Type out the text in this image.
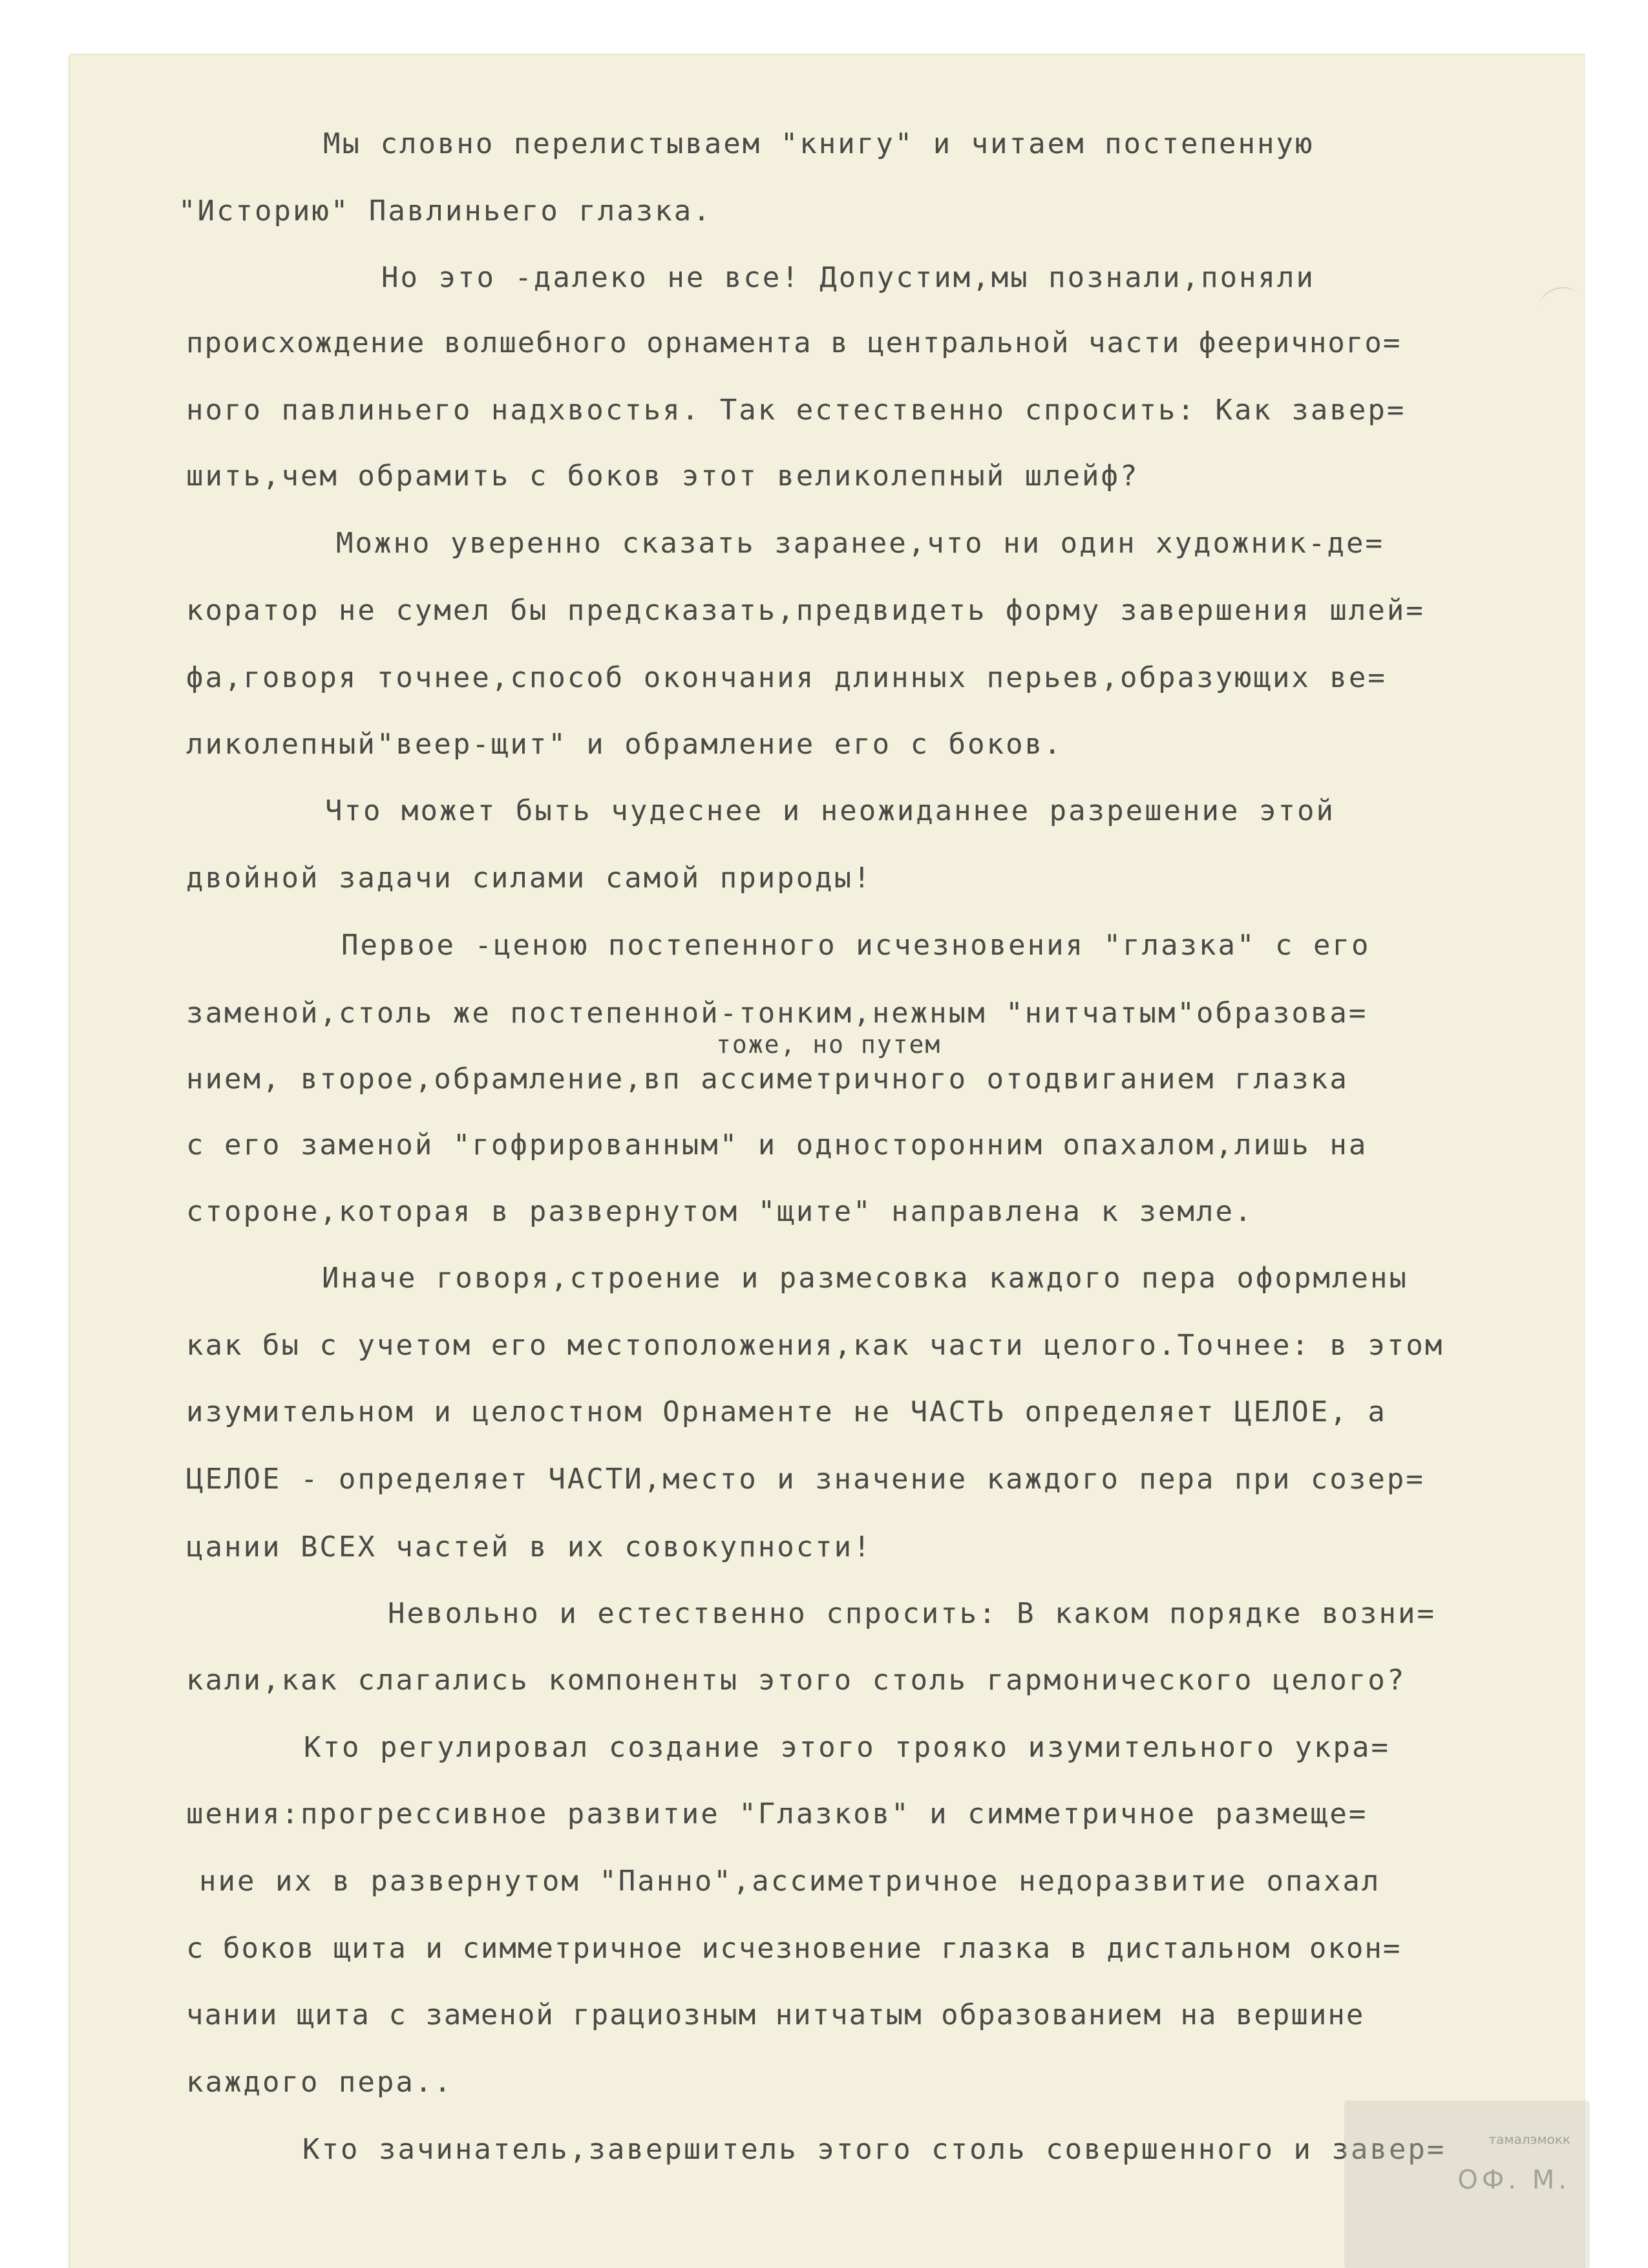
Мы словно перелистываем "книгу" и читаем постепенную
"Историю" Павлиньего глазка.
Но это -далеко не все! Допустим,мы познали,поняли
происхождение волшебного орнамента в центральной части фееричного=
ного павлиньего надхвостья. Так естественно спросить: Как завер=
шить,чем обрамить с боков этот великолепный шлейф?
Можно уверенно сказать заранее,что ни один художник-де=
коратор не сумел бы предсказать,предвидеть форму завершения шлей=
фа,говоря точнее,способ окончания длинных перьев,образующих ве=
ликолепный"веер-щит" и обрамление его с боков.
Что может быть чудеснее и неожиданнее разрешение этой
двойной задачи силами самой природы!
Первое -ценою постепенного исчезновения "глазка" с его
заменой,столь же постепенной-тонким,нежным "нитчатым"образова=
тоже, но путем
нием, второе,обрамление,вп ассиметричного отодвиганием глазка
с его заменой "гофрированным" и односторонним опахалом,лишь на
стороне,которая в развернутом "щите" направлена к земле.
Иначе говоря,строение и размесовка каждого пера оформлены
как бы с учетом его местоположения,как части целого.Точнее: в этом
изумительном и целостном Орнаменте не ЧАСТЬ определяет ЦЕЛОЕ, а
ЦЕЛОЕ - определяет ЧАСТИ,место и значение каждого пера при созер=
цании ВСЕХ частей в их совокупности!
Невольно и естественно спросить: В каком порядке возни=
кали,как слагались компоненты этого столь гармонического целого?
Кто регулировал создание этого трояко изумительного укра=
шения:прогрессивное развитие "Глазков" и симметричное размеще=
ние их в развернутом "Панно",ассиметричное недоразвитие опахал
с боков щита и симметричное исчезновение глазка в дистальном окон=
чании щита с заменой грациозным нитчатым образованием на вершине
каждого пера..
Кто зачинатель,завершитель этого столь совершенного и завер=	тамалэмокк
ОФ. М.
